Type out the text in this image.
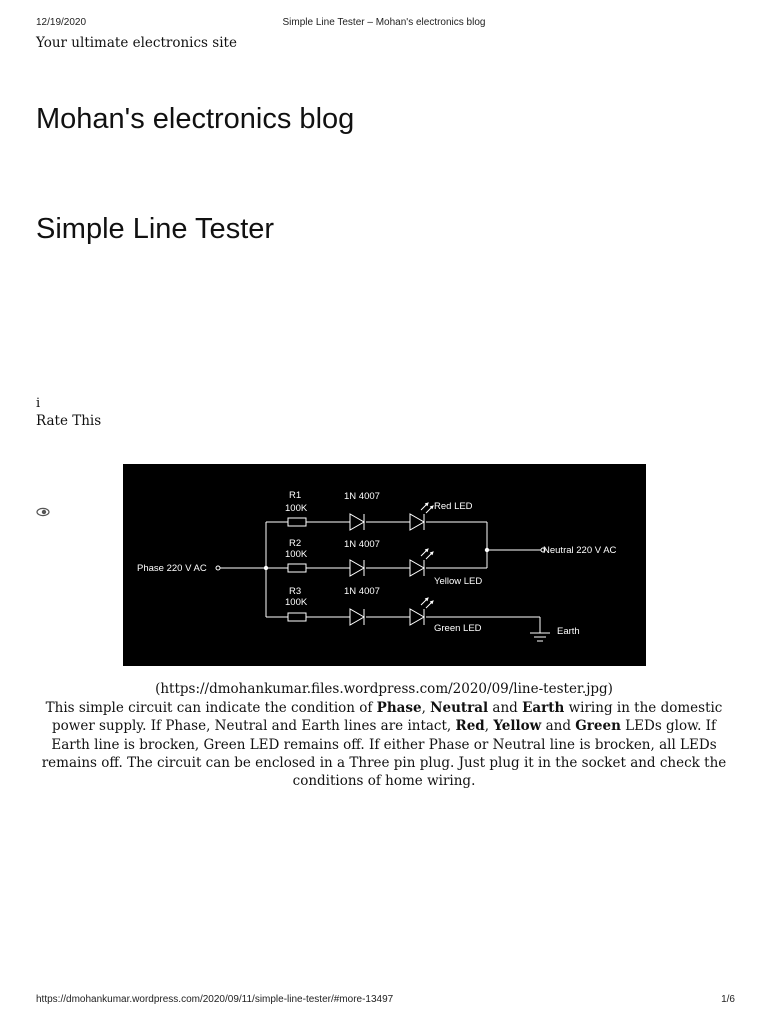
12/19/2020	Simple Line Tester – Mohan's electronics blog
Your ultimate electronics site
Mohan's electronics blog
Simple Line Tester
i
Rate This
Phase 220 V AC
Neutral 220 V AC
Earth
R1
100K
1N 4007
Red LED
R2
100K
1N 4007
Yellow LED
R3
100K
1N 4007
Green LED
(https://dmohankumar.files.wordpress.com/2020/09/line-tester.jpg)
This simple circuit can indicate the condition of Phase, Neutral and Earth wiring in the domestic power supply. If Phase, Neutral and Earth lines are intact, Red, Yellow and Green LEDs glow. If Earth line is brocken, Green LED remains off. If either Phase or Neutral line is brocken, all LEDs remains off. The circuit can be enclosed in a Three pin plug. Just plug it in the socket and check the conditions of home wiring.
https://dmohankumar.wordpress.com/2020/09/11/simple-line-tester/#more-13497	1/6
